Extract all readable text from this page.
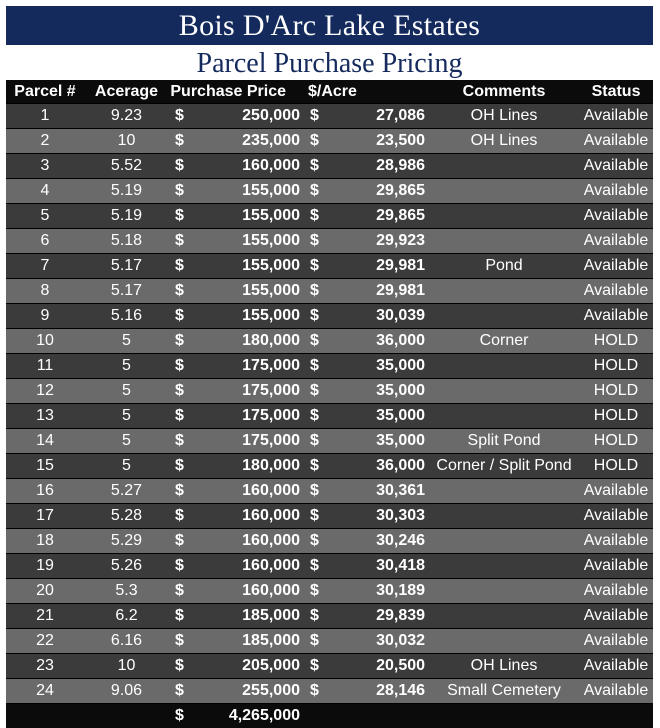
Bois D'Arc Lake Estates
Parcel Purchase Pricing
Parcel #	Acerage	Purchase Price		$/Acre		Comments	Status
1	9.23	$	250,000	$	27,086	OH Lines	Available
2	10	$	235,000	$	23,500	OH Lines	Available
3	5.52	$	160,000	$	28,986		Available
4	5.19	$	155,000	$	29,865		Available
5	5.19	$	155,000	$	29,865		Available
6	5.18	$	155,000	$	29,923		Available
7	5.17	$	155,000	$	29,981	Pond	Available
8	5.17	$	155,000	$	29,981		Available
9	5.16	$	155,000	$	30,039		Available
10	5	$	180,000	$	36,000	Corner	HOLD
11	5	$	175,000	$	35,000		HOLD
12	5	$	175,000	$	35,000		HOLD
13	5	$	175,000	$	35,000		HOLD
14	5	$	175,000	$	35,000	Split Pond	HOLD
15	5	$	180,000	$	36,000	Corner / Split Pond	HOLD
16	5.27	$	160,000	$	30,361		Available
17	5.28	$	160,000	$	30,303		Available
18	5.29	$	160,000	$	30,246		Available
19	5.26	$	160,000	$	30,418		Available
20	5.3	$	160,000	$	30,189		Available
21	6.2	$	185,000	$	29,839		Available
22	6.16	$	185,000	$	30,032		Available
23	10	$	205,000	$	20,500	OH Lines	Available
24	9.06	$	255,000	$	28,146	Small Cemetery	Available
		$	4,265,000				
